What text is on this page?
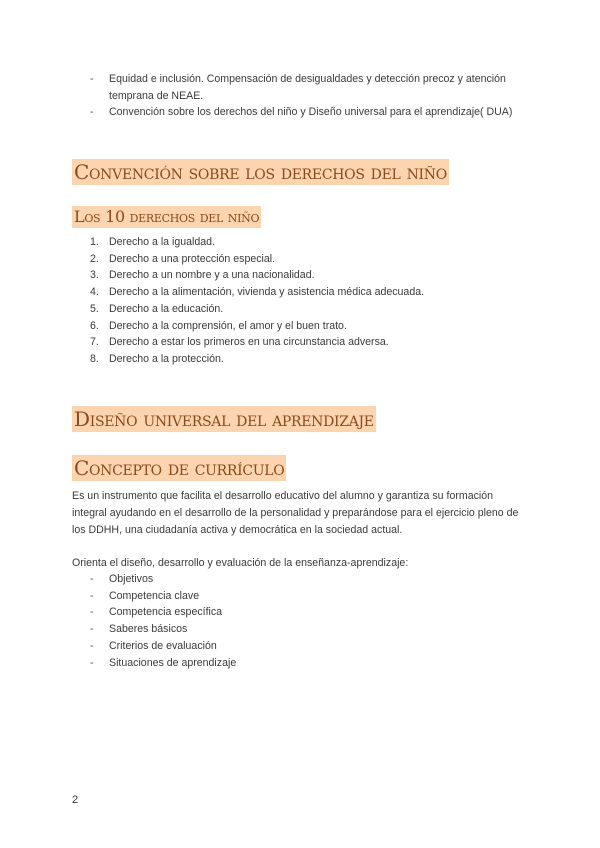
- Equidad e inclusión. Compensación de desigualdades y detección precoz y atención temprana de NEAE.
- Convención sobre los derechos del niño y Diseño universal para el aprendizaje( DUA)
Convención sobre los derechos del niño
Los 10 derechos del niño
1. Derecho a la igualdad.
2. Derecho a una protección especial.
3. Derecho a un nombre y a una nacionalidad.
4. Derecho a la alimentación, vivienda y asistencia médica adecuada.
5. Derecho a la educación.
6. Derecho a la comprensión, el amor y el buen trato.
7. Derecho a estar los primeros en una circunstancia adversa.
8. Derecho a la protección.
Diseño universal del aprendizaje
Concepto de currículo

Es un instrumento que facilita el desarrollo educativo del alumno y garantiza su formación integral ayudando en el desarrollo de la personalidad y preparándose para el ejercicio pleno de los DDHH, una ciudadanía activa y democrática en la sociedad actual.

Orienta el diseño, desarrollo y evaluación de la enseñanza-aprendizaje:

- Objetivos
- Competencia clave
- Competencia específica
- Saberes básicos
- Criterios de evaluación
- Situaciones de aprendizaje
2
